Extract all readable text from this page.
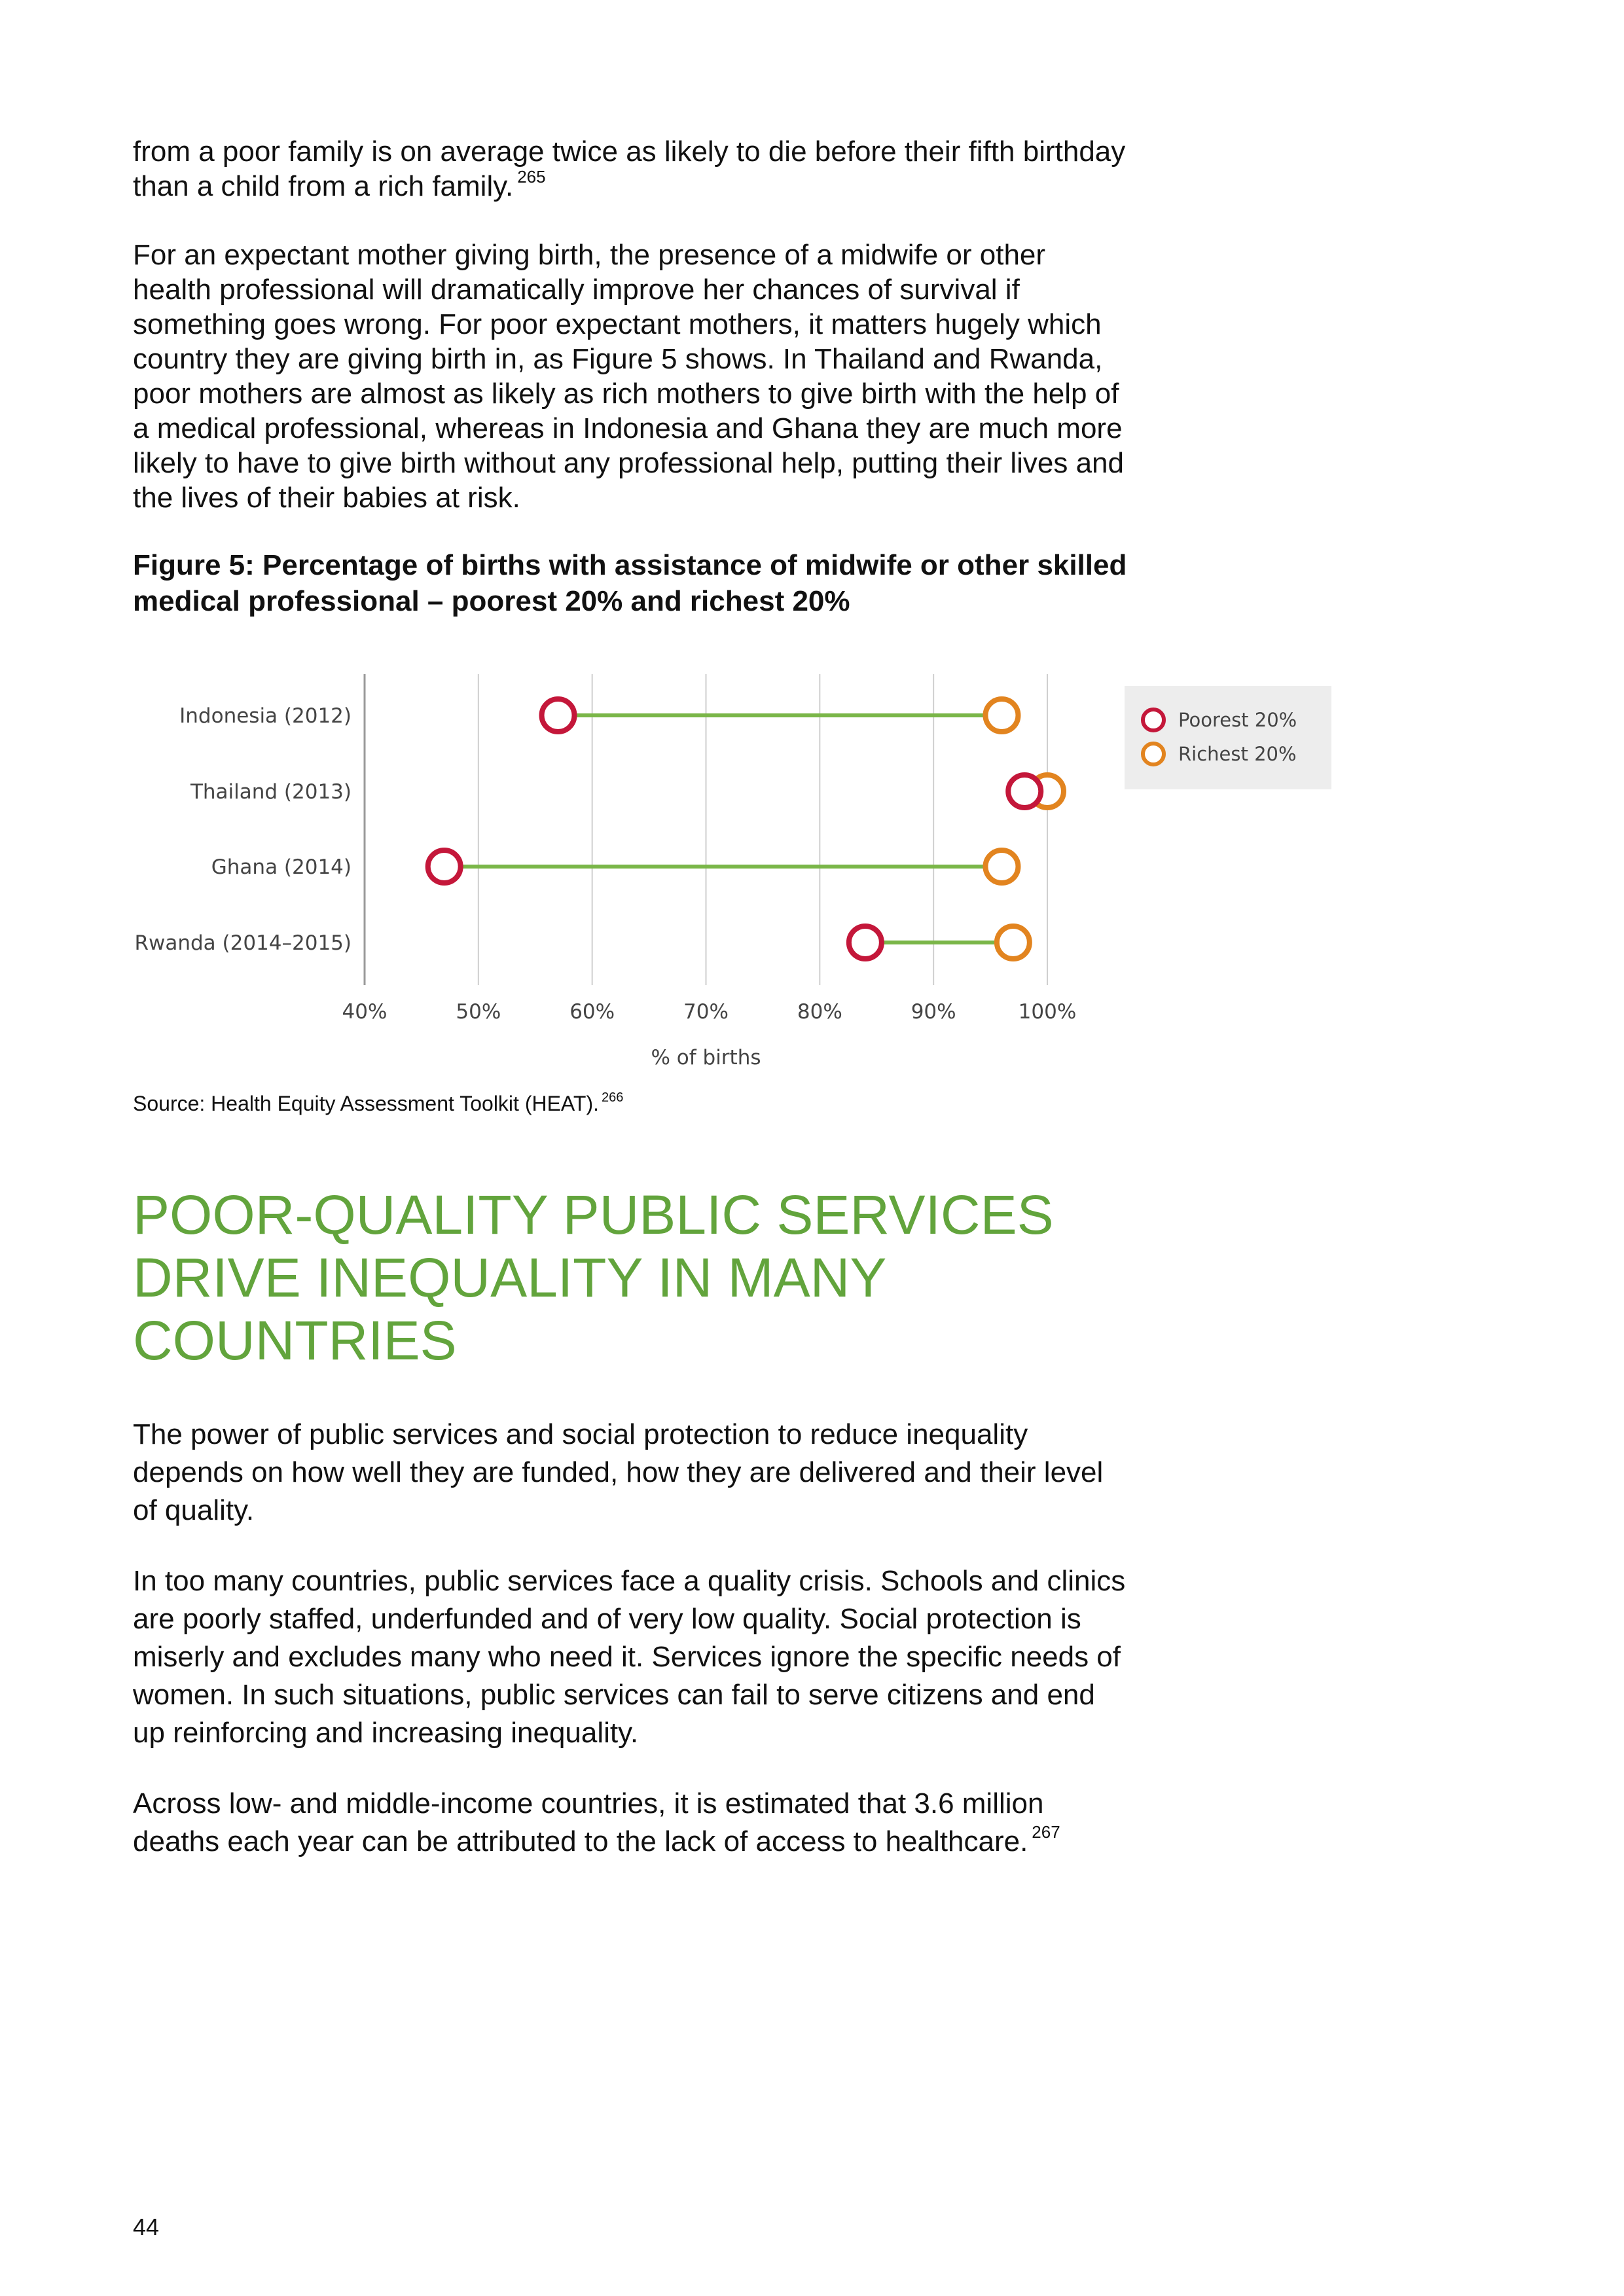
from a poor family is on average twice as likely to die before their fifth birthday than a child from a rich family. $^{265}$

For an expectant mother giving birth, the presence of a midwife or other health professional will dramatically improve her chances of survival if something goes wrong. For poor expectant mothers, it matters hugely which country they are giving birth in, as Figure 5 shows. In Thailand and Rwanda, poor mothers are almost as likely as rich mothers to give birth with the help of a medical professional, whereas in Indonesia and Ghana they are much more likely to have to give birth without any professional help, putting their lives and the lives of their babies at risk.

Figure 5: Percentage of births with assistance of midwife or other skilled medical professional – poorest 20% and richest 20%

40%	50%	60%	70%	80%	90%	100%
% of births
Indonesia (2012)
Thailand (2013)
Ghana (2014)
Rwanda (2014–2015)
Poorest 20%
Richest 20%

Source: Health Equity Assessment Toolkit (HEAT). $^{266}$

POOR-QUALITY PUBLIC SERVICES DRIVE INEQUALITY IN MANY COUNTRIES

The power of public services and social protection to reduce inequality depends on how well they are funded, how they are delivered and their level of quality.

In too many countries, public services face a quality crisis. Schools and clinics are poorly staffed, underfunded and of very low quality. Social protection is miserly and excludes many who need it. Services ignore the specific needs of women. In such situations, public services can fail to serve citizens and end up reinforcing and increasing inequality.

Across low- and middle-income countries, it is estimated that 3.6 million deaths each year can be attributed to the lack of access to healthcare. $^{267}$

44
